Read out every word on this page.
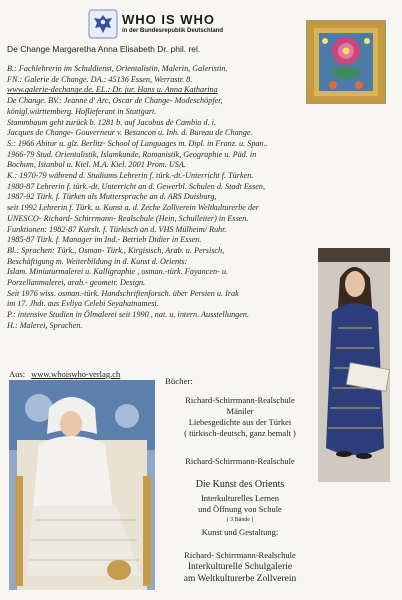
WHO IS WHO
in der Bundesrepublik Deutschland
De Change Margaretha Anna Elisabeth Dr. phil. rel.
B.: Fachlehrerin im Schuldienst, Orientalistin, Malerin, Galeristin.
FN.: Galerie de Change. DA.: 45136 Essen, Werrastr. 8.
www.galerie-dechange.de. EL.: Dr. jur. Hans u. Anna Katharina
De Change. BV.: Jeanne d' Arc, Oscar de Change- Modeschöpfer,
königl.württemberg. Hoflieferant in Stuttgart.
Stammbaum geht zurück b. 1281 b. auf Jacobus de Cambio d. i.
Jacques de Change- Gouverneur v. Besancon u. Inh. d. Bureau de Change.
S.: 1966 Abitur u. glz. Berlitz- School of Languages m. Dipl. in Franz. u. Span..
1966-79 Stud. Orientalistik, Islamkunde, Romanistik, Geographie u. Päd. in
Bochum, Istanbul u. Kiel. M.A. Kiel. 2001 Prom. USA.
K.: 1970-79 während d. Studiums Lehrerin f. türk.-dt.-Unterricht f. Türken.
1980-87 Lehrerin f. türk.-dt. Unterricht an d. Gewerbl. Schulen d. Stadt Essen,
1987-92 Türk. f. Türken als Muttersprache an d. ARS Duisburg,
seit 1992 Lehrerin f. Türk. u. Kunst a. d. Zeche Zollverein Weltkulturerbe der
UNESCO- Richard- Schirrmann- Realschule (Hein, Schulleiter) in Essen.
Funktionen: 1982-87 Kurslt. f. Türkisch an d. VHS Mülheim/ Ruhr.
1985-87 Türk. f. Manager im Ind.- Betrieb Didier in Essen.
Bl.: Sprachen: Türk., Osman- Türk., Kirgisisch, Arab. u. Persisch,
Beschäftigung m. Weiterbildung in d. Kunst d. Orients:
Islam. Miniaturmalerei u. Kalligraphie , osman.-türk. Fayancen- u.
Porzellanmalerei, arab.- geometr. Design.
Seit 1976 wiss. osman.-türk. Handschriftenforsch. über Persien u. Irak
im 17. Jhdt. aus Evliya Celebi Seyahatnamesi.
P.: intensive Studien in Ölmalerei seit 1990 , nat. u. intern. Ausstellungen.
H.: Malerei, Sprachen.
Aus: www.whoiswho-verlag.ch
Bücher:
Richard-Schirrmann-Realschule
Mäniler
Liebesgedichte aus der Türkei
( türkisch-deutsch, ganz bemalt )
Richard-Schirrmann-Realschule
Die Kunst des Orients
Interkulturelles Lernen
und Öffnung von Schule
( 3 Bände )
Kunst und Gestaltung:
Richard- Schirrmann-Realschule
Interkulturelle Schulgalerie
am Weltkulturerbe Zollverein
